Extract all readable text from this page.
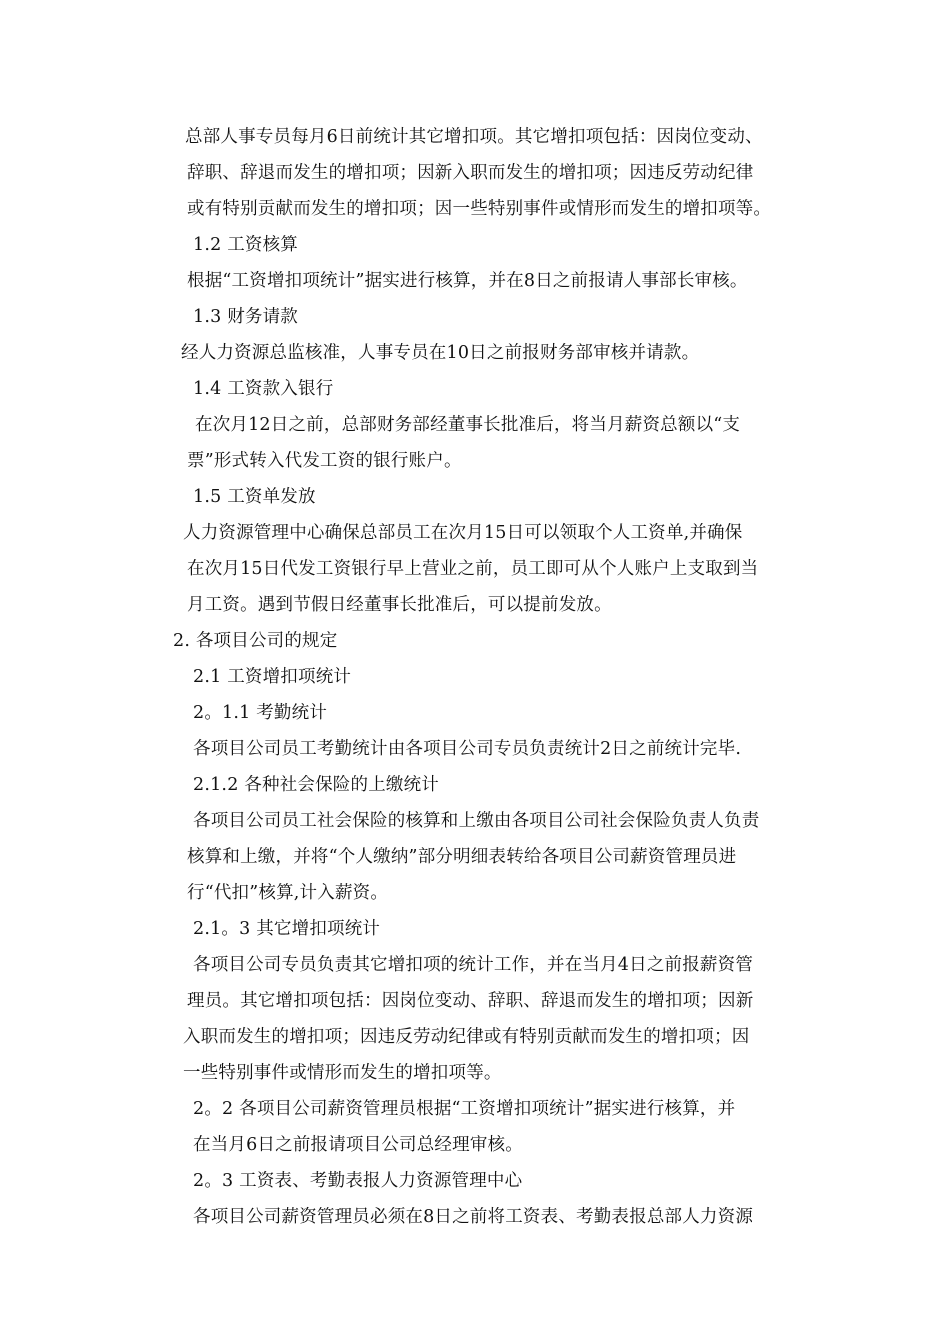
总部人事专员每月6日前统计其它增扣项。其它增扣项包括：因岗位变动、
辞职、辞退而发生的增扣项；因新入职而发生的增扣项；因违反劳动纪律
或有特别贡献而发生的增扣项；因一些特别事件或情形而发生的增扣项等。
1.2 工资核算
根据“工资增扣项统计”据实进行核算，并在8日之前报请人事部长审核。
1.3 财务请款
经人力资源总监核准，人事专员在10日之前报财务部审核并请款。
1.4 工资款入银行
在次月12日之前，总部财务部经董事长批准后，将当月薪资总额以“支
票”形式转入代发工资的银行账户。
1.5 工资单发放
人力资源管理中心确保总部员工在次月15日可以领取个人工资单,并确保
在次月15日代发工资银行早上营业之前，员工即可从个人账户上支取到当
月工资。遇到节假日经董事长批准后，可以提前发放。
2. 各项目公司的规定
2.1 工资增扣项统计
2。1.1 考勤统计
各项目公司员工考勤统计由各项目公司专员负责统计2日之前统计完毕.
2.1.2 各种社会保险的上缴统计
各项目公司员工社会保险的核算和上缴由各项目公司社会保险负责人负责
核算和上缴，并将“个人缴纳”部分明细表转给各项目公司薪资管理员进
行“代扣”核算,计入薪资。
2.1。3 其它增扣项统计
各项目公司专员负责其它增扣项的统计工作，并在当月4日之前报薪资管
理员。其它增扣项包括：因岗位变动、辞职、辞退而发生的增扣项；因新
入职而发生的增扣项；因违反劳动纪律或有特别贡献而发生的增扣项；因
一些特别事件或情形而发生的增扣项等。
2。2 各项目公司薪资管理员根据“工资增扣项统计”据实进行核算，并
在当月6日之前报请项目公司总经理审核。
2。3 工资表、考勤表报人力资源管理中心
各项目公司薪资管理员必须在8日之前将工资表、考勤表报总部人力资源
